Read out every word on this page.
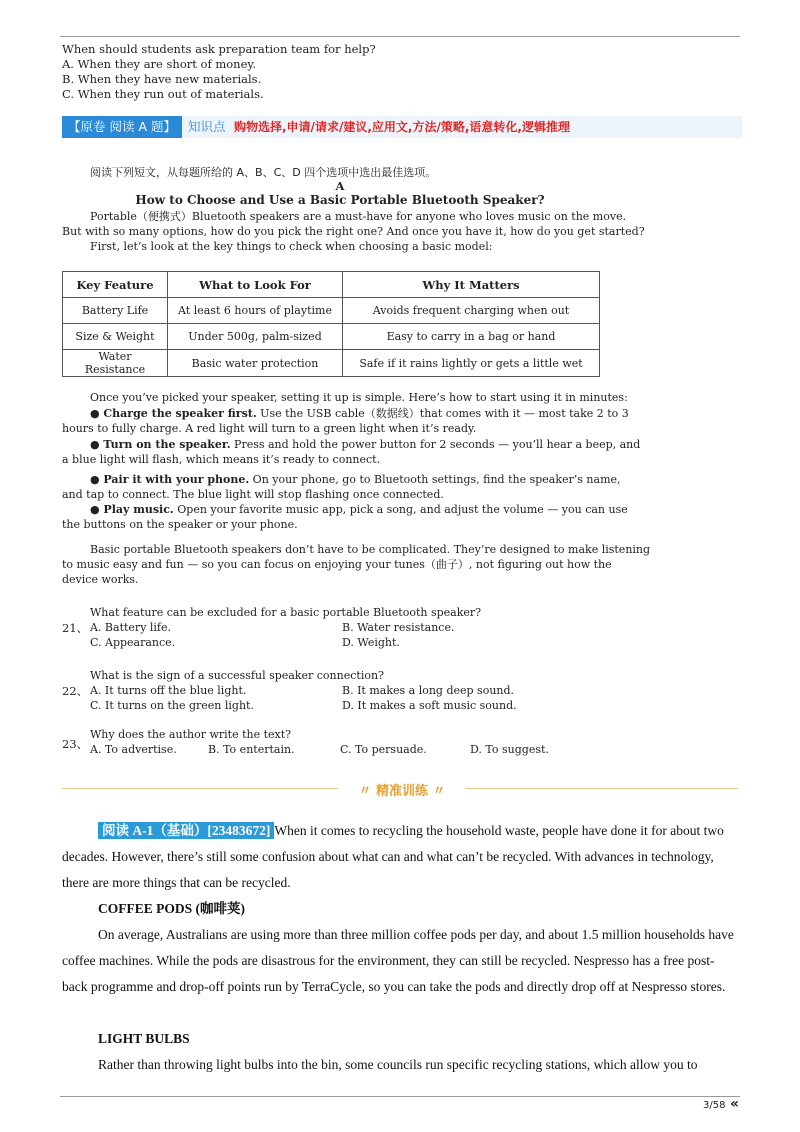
When should students ask preparation team for help?
A. When they are short of money.
B. When they have new materials.
C. When they run out of materials.
【原卷 阅读 A 题】 知识点 购物选择,申请/请求/建议,应用文,方法/策略,语意转化,逻辑推理
阅读下列短文，从每题所给的 A、B、C、D 四个选项中选出最佳选项。
A
How to Choose and Use a Basic Portable Bluetooth Speaker?
Portable（便携式）Bluetooth speakers are a must-have for anyone who loves music on the move.
But with so many options, how do you pick the right one? And once you have it, how do you get started?
First, let’s look at the key things to check when choosing a basic model:
Key Feature	What to Look For	Why It Matters
Battery Life	At least 6 hours of playtime	Avoids frequent charging when out
Size & Weight	Under 500g, palm-sized	Easy to carry in a bag or hand
Water Resistance	Basic water protection	Safe if it rains lightly or gets a little wet
Once you’ve picked your speaker, setting it up is simple. Here’s how to start using it in minutes:
● Charge the speaker first. Use the USB cable（数据线）that comes with it — most take 2 to 3
hours to fully charge. A red light will turn to a green light when it’s ready.
● Turn on the speaker. Press and hold the power button for 2 seconds — you’ll hear a beep, and
a blue light will flash, which means it’s ready to connect.
● Pair it with your phone. On your phone, go to Bluetooth settings, find the speaker’s name,
and tap to connect. The blue light will stop flashing once connected.
● Play music. Open your favorite music app, pick a song, and adjust the volume — you can use
the buttons on the speaker or your phone.
Basic portable Bluetooth speakers don’t have to be complicated. They’re designed to make listening
to music easy and fun — so you can focus on enjoying your tunes（曲子）, not figuring out how the
device works.
What feature can be excluded for a basic portable Bluetooth speaker?
21、 A. Battery life.	B. Water resistance.
C. Appearance.	D. Weight.
What is the sign of a successful speaker connection?
22、 A. It turns off the blue light.	B. It makes a long deep sound.
C. It turns on the green light.	D. It makes a soft music sound.
Why does the author write the text?
23、 A. To advertise.	B. To entertain.	C. To persuade.	D. To suggest.
〃 精准训练 〃
阅读 A-1（基础）[23483672] When it comes to recycling the household waste, people have done it for about two decades. However, there’s still some confusion about what can and what can’t be recycled. With advances in technology, there are more things that can be recycled.
COFFEE PODS (咖啡荚)
On average, Australians are using more than three million coffee pods per day, and about 1.5 million households have coffee machines. While the pods are disastrous for the environment, they can still be recycled. Nespresso has a free post-back programme and drop-off points run by TerraCycle, so you can take the pods and directly drop off at Nespresso stores.
LIGHT BULBS
Rather than throwing light bulbs into the bin, some councils run specific recycling stations, which allow you to
3/58 «
